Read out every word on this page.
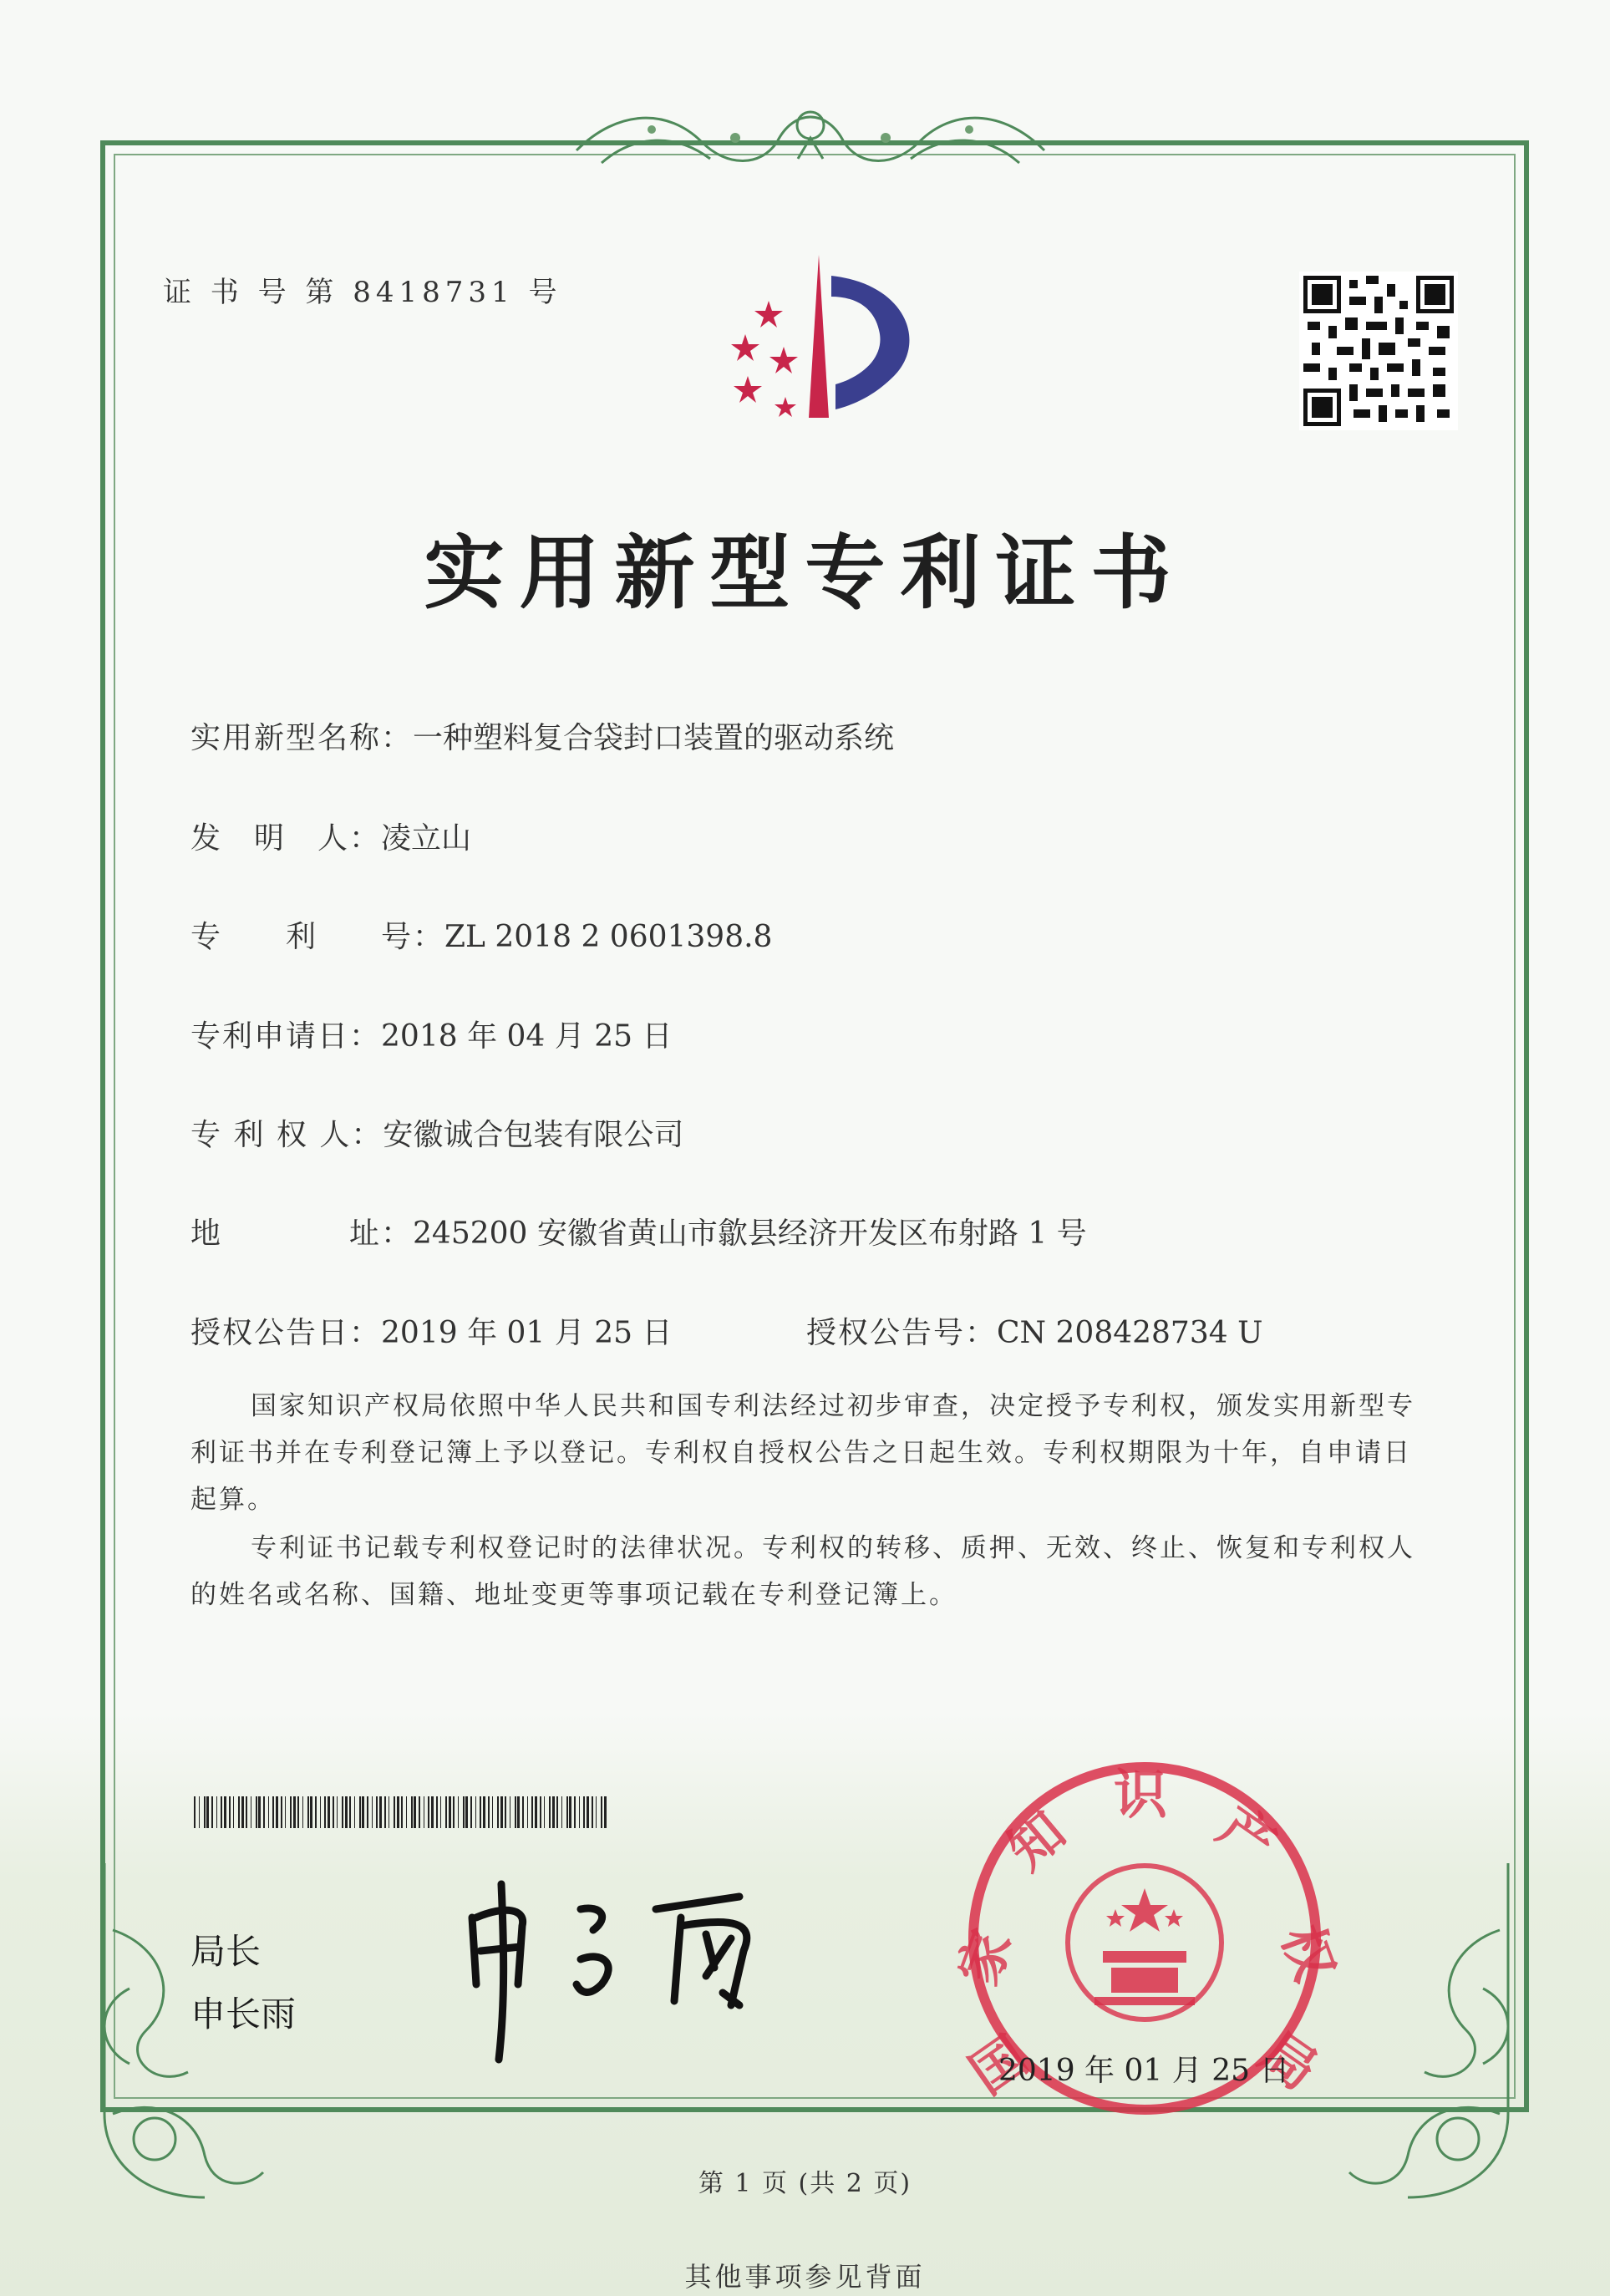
证 书 号 第 8418731 号
实用新型专利证书
实用新型名称：一种塑料复合袋封口装置的驱动系统
发　明　人：凌立山
专　　利　　号：ZL 2018 2 0601398.8
专利申请日：2018 年 04 月 25 日
专 利 权 人：安徽诚合包装有限公司
地　　　　址：245200 安徽省黄山市歙县经济开发区布射路 1 号
授权公告日：2019 年 01 月 25 日	授权公告号：CN 208428734 U
国家知识产权局依照中华人民共和国专利法经过初步审查，决定授予专利权，颁发实用新型专利证书并在专利登记簿上予以登记。专利权自授权公告之日起生效。专利权期限为十年，自申请日起算。
专利证书记载专利权登记时的法律状况。专利权的转移、质押、无效、终止、恢复和专利权人的姓名或名称、国籍、地址变更等事项记载在专利登记簿上。
局长
申长雨
国
家
知
识
产
权
局
2019 年 01 月 25 日
第 1 页 (共 2 页)
其他事项参见背面
